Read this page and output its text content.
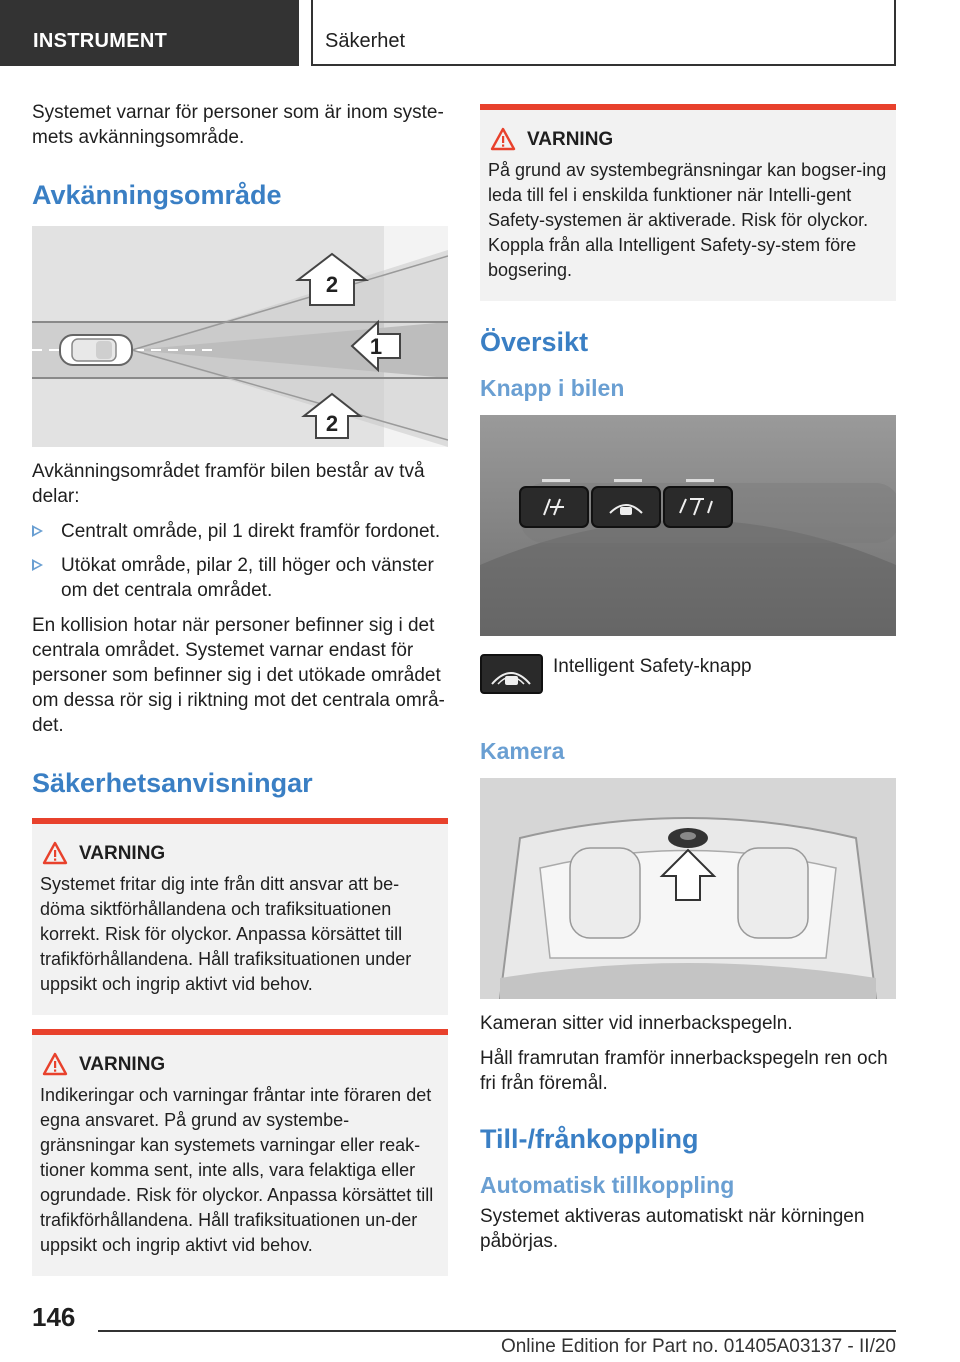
INSTRUMENT	Säkerhet

Systemet varnar för personer som är inom syste-mets avkänningsområde.

Avkänningsområde
2
1
2

Avkänningsområdet framför bilen består av två delar:

Centralt område, pil 1 direkt framför fordonet.
Utökat område, pilar 2, till höger och vänster om det centrala området.

En kollision hotar när personer befinner sig i det centrala området. Systemet varnar endast för personer som befinner sig i det utökade området om dessa rör sig i riktning mot det centrala områ-det.

Säkerhetsanvisningar
VARNING
Systemet fritar dig inte från ditt ansvar att be-döma siktförhållandena och trafiksituationen korrekt. Risk för olyckor. Anpassa körsättet till trafikförhållandena. Håll trafiksituationen under uppsikt och ingrip aktivt vid behov.
VARNING
Indikeringar och varningar fråntar inte föraren det egna ansvaret. På grund av systembe-gränsningar kan systemets varningar eller reak-tioner komma sent, inte alls, vara felaktiga eller ogrundade. Risk för olyckor. Anpassa körsättet till trafikförhållandena. Håll trafiksituationen un-der uppsikt och ingrip aktivt vid behov.
VARNING
På grund av systembegränsningar kan bogser-ing leda till fel i enskilda funktioner när Intelli-gent Safety-systemen är aktiverade. Risk för olyckor. Koppla från alla Intelligent Safety-sy-stem före bogsering.
Översikt
Knapp i bilen
Intelligent Safety-knapp
Kamera

Kameran sitter vid innerbackspegeln.

Håll framrutan framför innerbackspegeln ren och fri från föremål.

Till-/frånkoppling
Automatisk tillkoppling

Systemet aktiveras automatiskt när körningen påbörjas.

146
Online Edition for Part no. 01405A03137 - II/20
